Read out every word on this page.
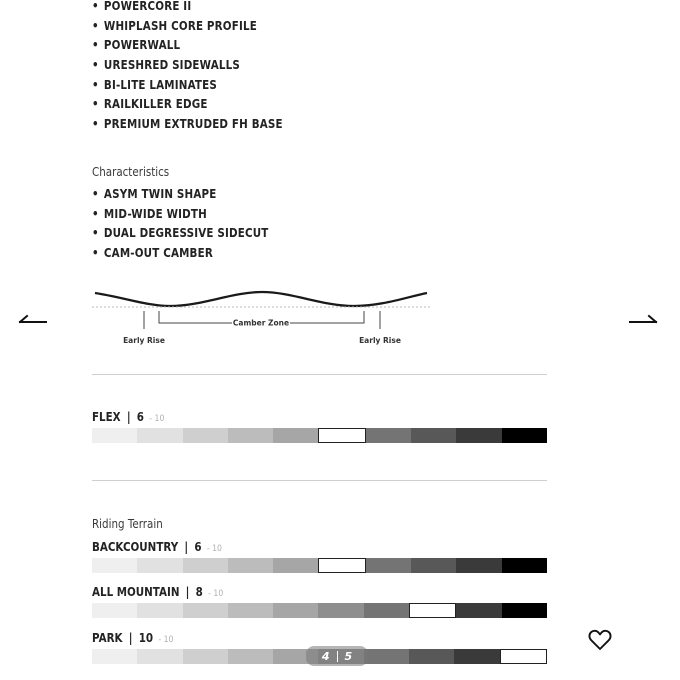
• POWERCORE II
• WHIPLASH CORE PROFILE
• POWERWALL
• URESHRED SIDEWALLS
• BI-LITE LAMINATES
• RAILKILLER EDGE
• PREMIUM EXTRUDED FH BASE
Characteristics
• ASYM TWIN SHAPE
• MID-WIDE WIDTH
• DUAL DEGRESSIVE SIDECUT
• CAM-OUT CAMBER
Camber Zone
Early Rise	Early Rise
FLEX | 6 - 10
Riding Terrain
BACKCOUNTRY | 6 - 10
ALL MOUNTAIN | 8 - 10
PARK | 10 - 10
4 5
